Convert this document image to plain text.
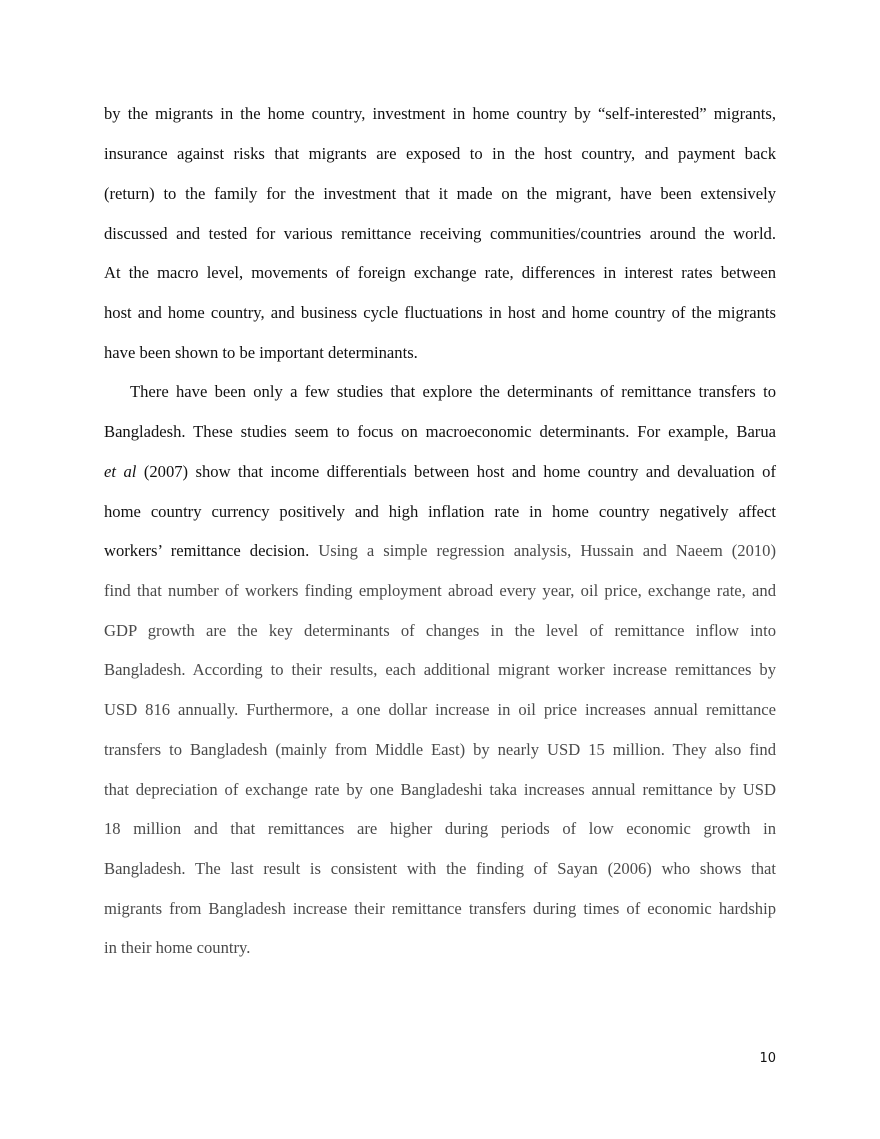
by the migrants in the home country, investment in home country by “self-interested” migrants,
insurance against risks that migrants are exposed to in the host country, and payment back
(return) to the family for the investment that it made on the migrant, have been extensively
discussed and tested for various remittance receiving communities/countries around the world.
At the macro level, movements of foreign exchange rate, differences in interest rates between
host and home country, and business cycle fluctuations in host and home country of the migrants
have been shown to be important determinants.
There have been only a few studies that explore the determinants of remittance transfers to
Bangladesh. These studies seem to focus on macroeconomic determinants. For example, Barua
et al (2007) show that income differentials between host and home country and devaluation of
home country currency positively and high inflation rate in home country negatively affect
workers’ remittance decision. Using a simple regression analysis, Hussain and Naeem (2010)
find that number of workers finding employment abroad every year, oil price, exchange rate, and
GDP growth are the key determinants of changes in the level of remittance inflow into
Bangladesh. According to their results, each additional migrant worker increase remittances by
USD 816 annually. Furthermore, a one dollar increase in oil price increases annual remittance
transfers to Bangladesh (mainly from Middle East) by nearly USD 15 million. They also find
that depreciation of exchange rate by one Bangladeshi taka increases annual remittance by USD
18 million and that remittances are higher during periods of low economic growth in
Bangladesh. The last result is consistent with the finding of Sayan (2006) who shows that
migrants from Bangladesh increase their remittance transfers during times of economic hardship
in their home country.
10
